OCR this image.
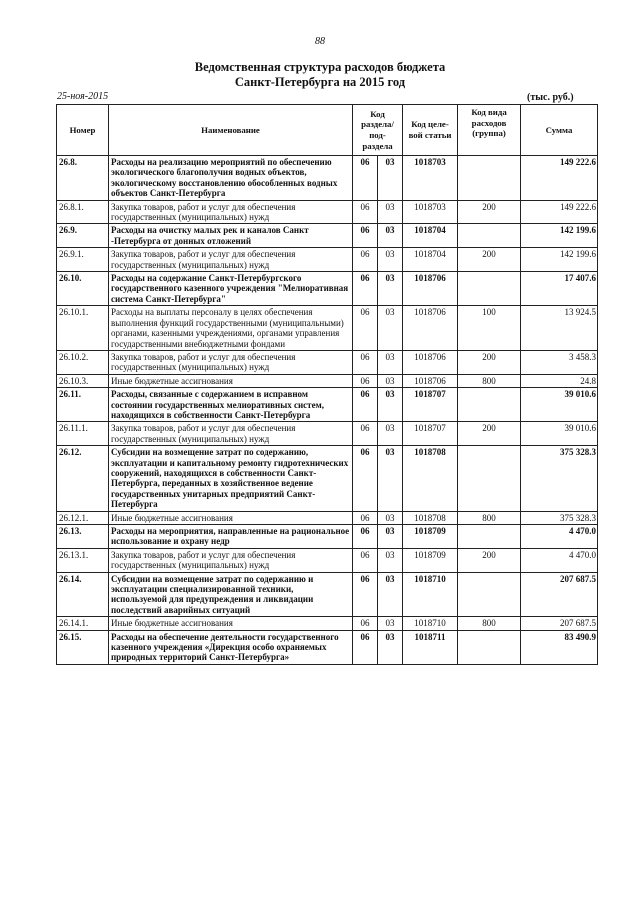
88
Ведомственная структура расходов бюджета
Санкт-Петербурга на 2015 год
25-ноя-2015	(тыс. руб.)
Номер	Наименование	Код раздела/ под- раздела		Код целе- вой статьи	Код вида расходов (группа)	Сумма
26.8.	Расходы на реализацию мероприятий по обеспечению экологического благополучия водных объектов, экологическому восстановлению обособленных водных объектов Санкт-Петербурга	06	03	1018703		149 222.6
26.8.1.	Закупка товаров, работ и услуг для обеспечения государственных (муниципальных) нужд	06	03	1018703	200	149 222.6
26.9.	Расходы на очистку малых рек и каналов Санкт -Петербурга от донных отложений	06	03	1018704		142 199.6
26.9.1.	Закупка товаров, работ и услуг для обеспечения государственных (муниципальных) нужд	06	03	1018704	200	142 199.6
26.10.	Расходы на содержание Санкт-Петербургского государственного казенного учреждения "Мелиоративная система Санкт-Петербурга"	06	03	1018706		17 407.6
26.10.1.	Расходы на выплаты персоналу в целях обеспечения выполнения функций государственными (муниципальными) органами, казенными учреждениями, органами управления государственными внебюджетными фондами	06	03	1018706	100	13 924.5
26.10.2.	Закупка товаров, работ и услуг для обеспечения государственных (муниципальных) нужд	06	03	1018706	200	3 458.3
26.10.3.	Иные бюджетные ассигнования	06	03	1018706	800	24.8
26.11.	Расходы, связанные с содержанием в исправном состоянии государственных мелиоративных систем, находящихся в собственности Санкт-Петербурга	06	03	1018707		39 010.6
26.11.1.	Закупка товаров, работ и услуг для обеспечения государственных (муниципальных) нужд	06	03	1018707	200	39 010.6
26.12.	Субсидии на возмещение затрат по содержанию, эксплуатации и капитальному ремонту гидротехнических сооружений, находящихся в собственности Санкт-Петербурга, переданных в хозяйственное ведение государственных унитарных предприятий Санкт-Петербурга	06	03	1018708		375 328.3
26.12.1.	Иные бюджетные ассигнования	06	03	1018708	800	375 328.3
26.13.	Расходы на мероприятия, направленные на рациональное использование и охрану недр	06	03	1018709		4 470.0
26.13.1.	Закупка товаров, работ и услуг для обеспечения государственных (муниципальных) нужд	06	03	1018709	200	4 470.0
26.14.	Субсидии на возмещение затрат по содержанию и эксплуатации специализированной техники, используемой для предупреждения и ликвидации последствий аварийных ситуаций	06	03	1018710		207 687.5
26.14.1.	Иные бюджетные ассигнования	06	03	1018710	800	207 687.5
26.15.	Расходы на обеспечение деятельности государственного казенного учреждения «Дирекция особо охраняемых природных территорий Санкт-Петербурга»	06	03	1018711		83 490.9
